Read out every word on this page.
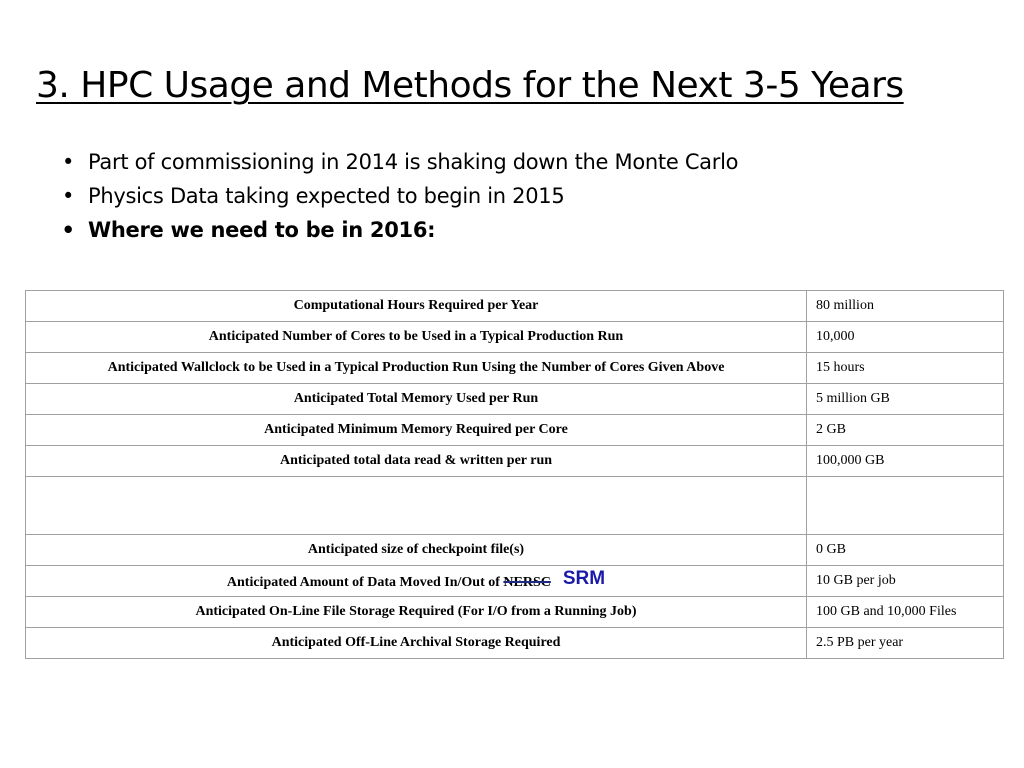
3. HPC Usage and Methods for the Next 3-5 Years
• Part of commissioning in 2014 is shaking down the Monte Carlo
• Physics Data taking expected to begin in 2015
• Where we need to be in 2016:
Computational Hours Required per Year	80 million
Anticipated Number of Cores to be Used in a Typical Production Run	10,000
Anticipated Wallclock to be Used in a Typical Production Run Using the Number of Cores Given Above	15 hours
Anticipated Total Memory Used per Run	5 million GB
Anticipated Minimum Memory Required per Core	2 GB
Anticipated total data read & written per run	100,000 GB

Anticipated size of checkpoint file(s)	0 GB
Anticipated Amount of Data Moved In/Out of NERSC SRM	10 GB per job
Anticipated On-Line File Storage Required (For I/O from a Running Job)	100 GB and 10,000 Files
Anticipated Off-Line Archival Storage Required	2.5 PB per year
